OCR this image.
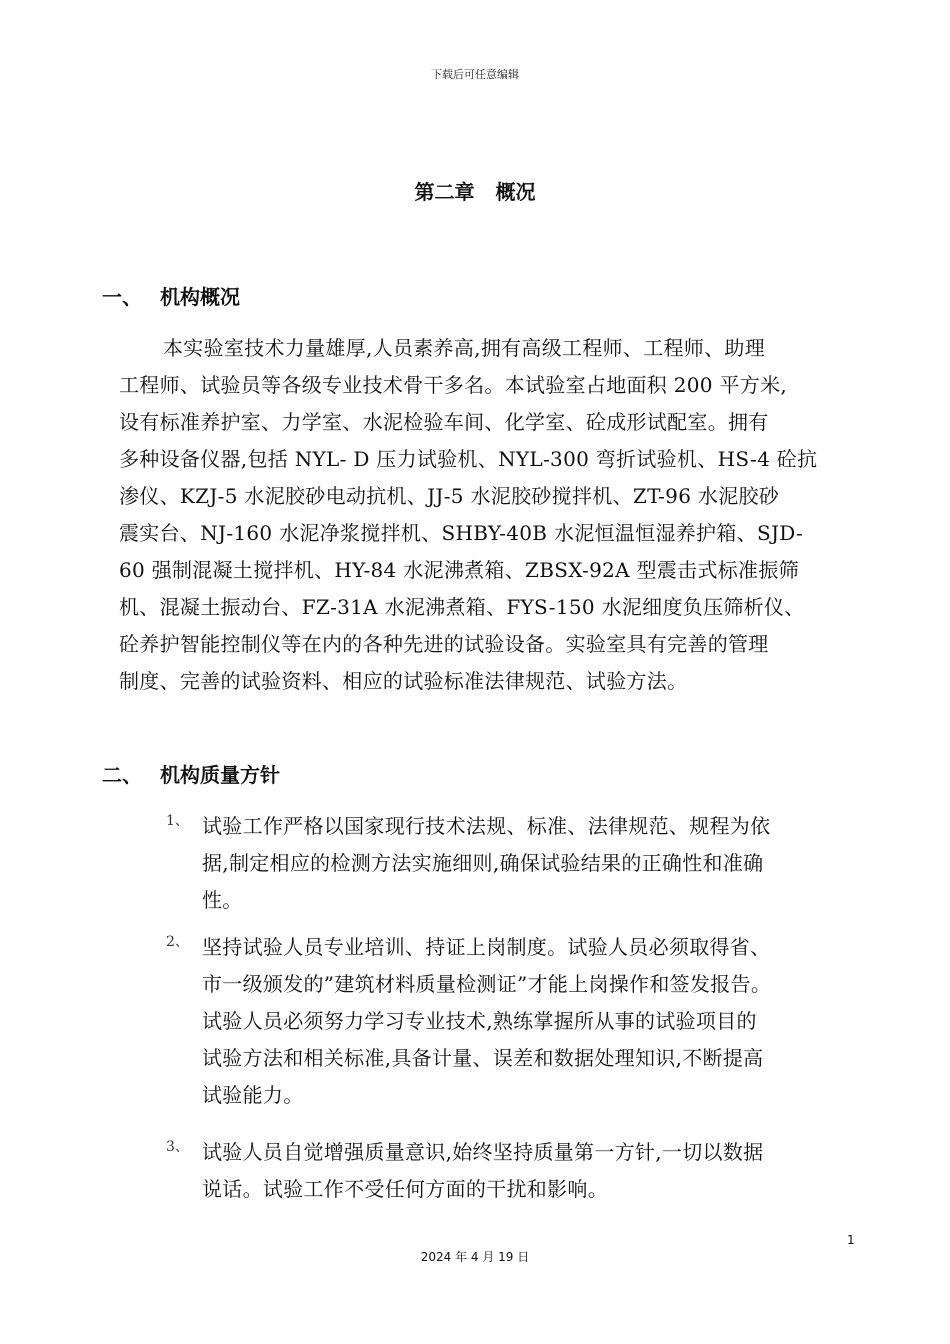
下载后可任意编辑
第二章 概况
一、 机构概况
本实验室技术力量雄厚,人员素养高,拥有高级工程师、工程师、助理
工程师、试验员等各级专业技术骨干多名。本试验室占地面积 200 平方米,
设有标准养护室、力学室、水泥检验车间、化学室、砼成形试配室。拥有
多种设备仪器,包括 NYL- D 压力试验机、NYL-300 弯折试验机、HS-4 砼抗
渗仪、KZJ-5 水泥胶砂电动抗机、JJ-5 水泥胶砂搅拌机、ZT-96 水泥胶砂
震实台、NJ-160 水泥净浆搅拌机、SHBY-40B 水泥恒温恒湿养护箱、SJD-
60 强制混凝土搅拌机、HY-84 水泥沸煮箱、ZBSX-92A 型震击式标准振筛
机、混凝土振动台、FZ-31A 水泥沸煮箱、FYS-150 水泥细度负压筛析仪、
砼养护智能控制仪等在内的各种先进的试验设备。实验室具有完善的管理
制度、完善的试验资料、相应的试验标准法律规范、试验方法。
二、 机构质量方针
1、 试验工作严格以国家现行技术法规、标准、法律规范、规程为依
据,制定相应的检测方法实施细则,确保试验结果的正确性和准确
性。
2、 坚持试验人员专业培训、持证上岗制度。试验人员必须取得省、
市一级颁发的”建筑材料质量检测证”才能上岗操作和签发报告。
试验人员必须努力学习专业技术,熟练掌握所从事的试验项目的
试验方法和相关标准,具备计量、误差和数据处理知识,不断提高
试验能力。
3、 试验人员自觉增强质量意识,始终坚持质量第一方针,一切以数据
说话。试验工作不受任何方面的干扰和影响。
1
2024 年 4 月 19 日
